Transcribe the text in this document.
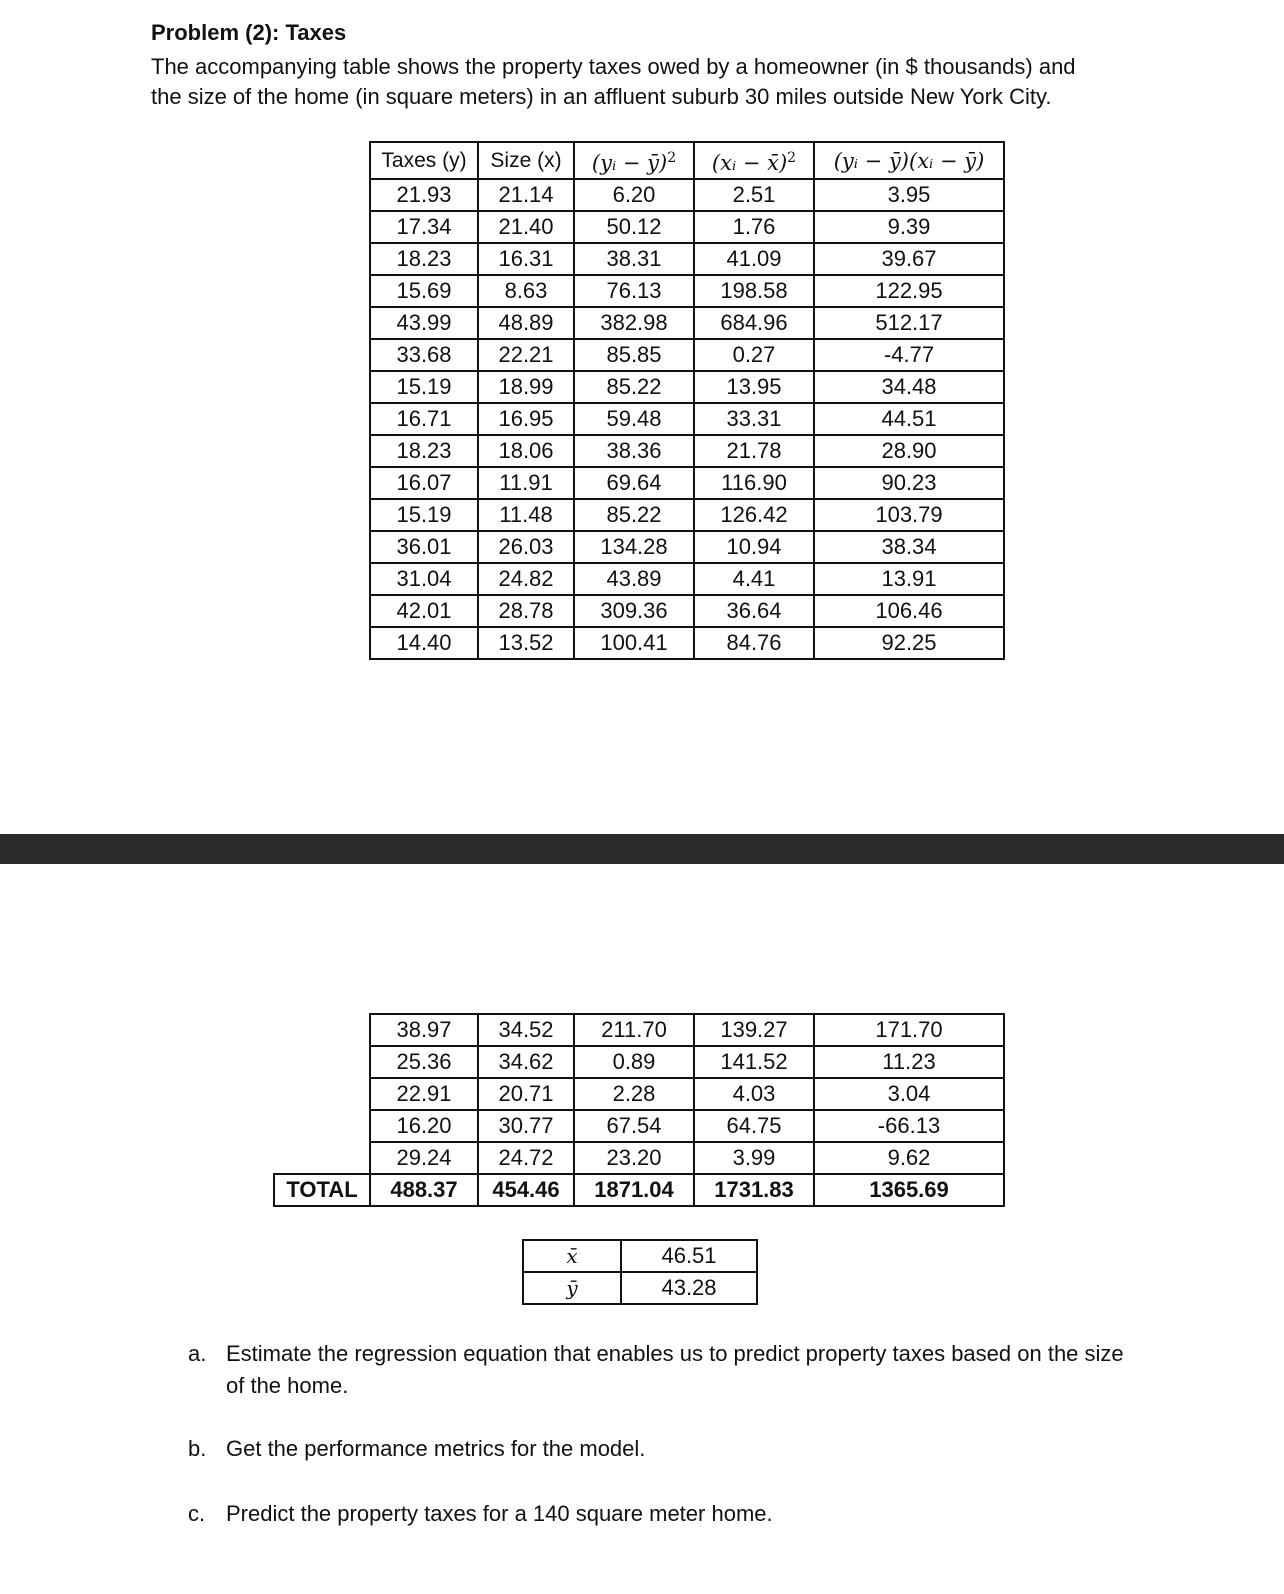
Problem (2): Taxes
The accompanying table shows the property taxes owed by a homeowner (in $ thousands) and
the size of the home (in square meters) in an affluent suburb 30 miles outside New York City.
Taxes (y)	Size (x)	(yᵢ − ȳ)$^2$	(xᵢ − x̄)$^2$	(yᵢ − ȳ)(xᵢ − ȳ)
21.93	21.14	6.20	2.51	3.95
17.34	21.40	50.12	1.76	9.39
18.23	16.31	38.31	41.09	39.67
15.69	8.63	76.13	198.58	122.95
43.99	48.89	382.98	684.96	512.17
33.68	22.21	85.85	0.27	-4.77
15.19	18.99	85.22	13.95	34.48
16.71	16.95	59.48	33.31	44.51
18.23	18.06	38.36	21.78	28.90
16.07	11.91	69.64	116.90	90.23
15.19	11.48	85.22	126.42	103.79
36.01	26.03	134.28	10.94	38.34
31.04	24.82	43.89	4.41	13.91
42.01	28.78	309.36	36.64	106.46
14.40	13.52	100.41	84.76	92.25
	38.97	34.52	211.70	139.27	171.70
	25.36	34.62	0.89	141.52	11.23
	22.91	20.71	2.28	4.03	3.04
	16.20	30.77	67.54	64.75	-66.13
	29.24	24.72	23.20	3.99	9.62
TOTAL	488.37	454.46	1871.04	1731.83	1365.69
x̄	46.51
ȳ	43.28
a. Estimate the regression equation that enables us to predict property taxes based on the size of the home.
b. Get the performance metrics for the model.
c. Predict the property taxes for a 140 square meter home.
